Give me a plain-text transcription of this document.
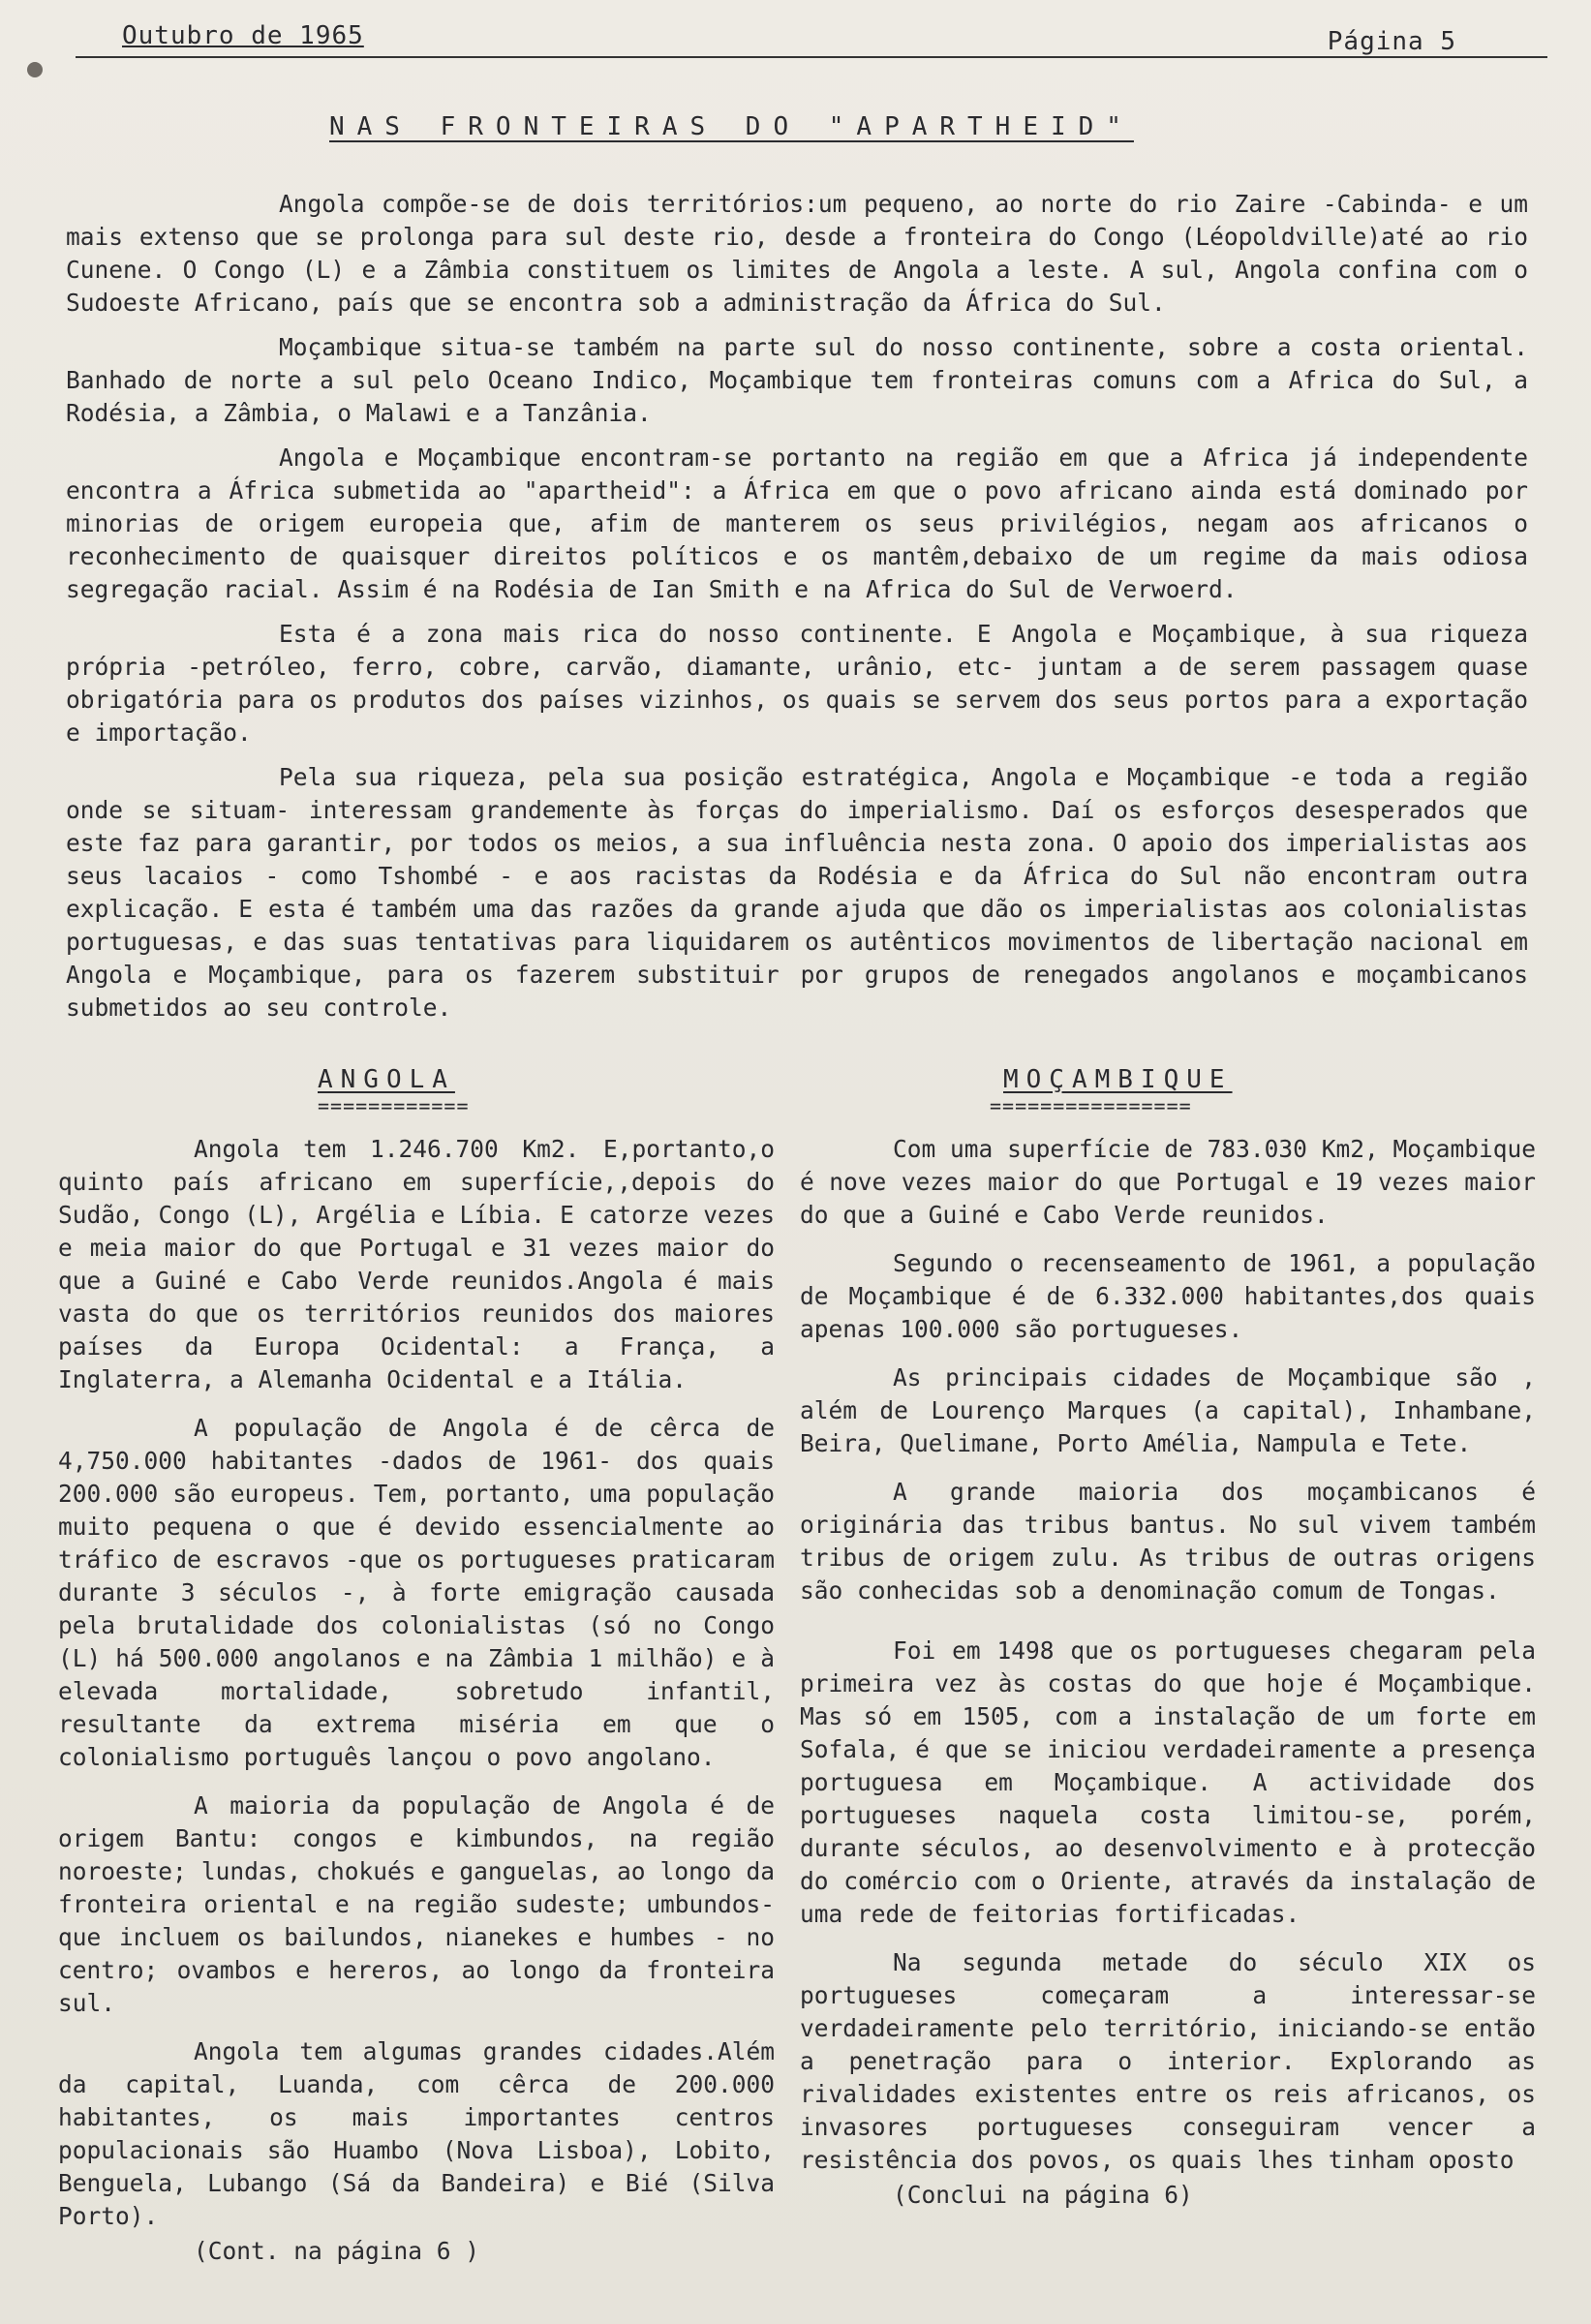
Outubro de 1965	Página 5
NAS FRONTEIRAS DO "APARTHEID"

Angola compõe-se de dois territórios:um pequeno, ao norte do rio Zaire -Cabinda- e um mais extenso que se prolonga para sul deste rio, desde a fronteira do Congo (Léopoldville)até ao rio Cunene. O Congo (L) e a Zâmbia constituem os limites de Angola a leste. A sul, Angola confina com o Sudoeste Africano, país que se encontra sob a administração da África do Sul.

Moçambique situa-se também na parte sul do nosso continente, sobre a costa oriental. Banhado de norte a sul pelo Oceano Indico, Moçambique tem fronteiras comuns com a Africa do Sul, a Rodésia, a Zâmbia, o Malawi e a Tanzânia.

Angola e Moçambique encontram-se portanto na região em que a Africa já independente encontra a África submetida ao "apartheid": a África em que o povo africano ainda está dominado por minorias de origem europeia que, afim de manterem os seus privilégios, negam aos africanos o reconhecimento de quaisquer direitos políticos e os mantêm,debaixo de um regime da mais odiosa segregação racial. Assim é na Rodésia de Ian Smith e na Africa do Sul de Verwoerd.

Esta é a zona mais rica do nosso continente. E Angola e Moçambique, à sua riqueza própria -petróleo, ferro, cobre, carvão, diamante, urânio, etc- juntam a de serem passagem quase obrigatória para os produtos dos países vizinhos, os quais se servem dos seus portos para a exportação e importação.

Pela sua riqueza, pela sua posição estratégica, Angola e Moçambique -e toda a região onde se situam- interessam grandemente às forças do imperialismo. Daí os esforços desesperados que este faz para garantir, por todos os meios, a sua influência nesta zona. O apoio dos imperialistas aos seus lacaios - como Tshombé - e aos racistas da Rodésia e da África do Sul não encontram outra explicação. E esta é também uma das razões da grande ajuda que dão os imperialistas aos colonialistas portuguesas, e das suas tentativas para liquidarem os autênticos movimentos de libertação nacional em Angola e Moçambique, para os fazerem substituir por grupos de renegados angolanos e moçambicanos submetidos ao seu controle.

ANGOLA
============

Angola tem 1.246.700 Km2. E,portanto,o quinto país africano em superfície,,depois do Sudão, Congo (L), Argélia e Líbia. E catorze vezes e meia maior do que Portugal e 31 vezes maior do que a Guiné e Cabo Verde reunidos.Angola é mais vasta do que os territórios reunidos dos maiores países da Europa Ocidental: a França, a Inglaterra, a Alemanha Ocidental e a Itália.

A população de Angola é de cêrca de 4,750.000 habitantes -dados de 1961- dos quais 200.000 são europeus. Tem, portanto, uma população muito pequena o que é devido essencialmente ao tráfico de escravos -que os portugueses praticaram durante 3 séculos -, à forte emigração causada pela brutalidade dos colonialistas (só no Congo (L) há 500.000 angolanos e na Zâmbia 1 milhão) e à elevada mortalidade, sobretudo infantil, resultante da extrema miséria em que o colonialismo português lançou o povo angolano.

A maioria da população de Angola é de origem Bantu: congos e kimbundos, na região noroeste; lundas, chokués e ganguelas, ao longo da fronteira oriental e na região sudeste; umbundos- que incluem os bailundos, nianekes e humbes - no centro; ovambos e hereros, ao longo da fronteira sul.

Angola tem algumas grandes cidades.Além da capital, Luanda, com cêrca de 200.000 habitantes, os mais importantes centros populacionais são Huambo (Nova Lisboa), Lobito, Benguela, Lubango (Sá da Bandeira) e Bié (Silva Porto).

(Cont. na página 6 )

MOÇAMBIQUE
================

Com uma superfície de 783.030 Km2, Moçambique é nove vezes maior do que Portugal e 19 vezes maior do que a Guiné e Cabo Verde reunidos.

Segundo o recenseamento de 1961, a população de Moçambique é de 6.332.000 habitantes,dos quais apenas 100.000 são portugueses.

As principais cidades de Moçambique são , além de Lourenço Marques (a capital), Inhambane, Beira, Quelimane, Porto Amélia, Nampula e Tete.

A grande maioria dos moçambicanos é originária das tribus bantus. No sul vivem também tribus de origem zulu. As tribus de outras origens são conhecidas sob a denominação comum de Tongas.

Foi em 1498 que os portugueses chegaram pela primeira vez às costas do que hoje é Moçambique. Mas só em 1505, com a instalação de um forte em Sofala, é que se iniciou verdadeiramente a presença portuguesa em Moçambique. A actividade dos portugueses naquela costa limitou-se, porém, durante séculos, ao desenvolvimento e à protecção do comércio com o Oriente, através da instalação de uma rede de feitorias fortificadas.

Na segunda metade do século XIX os portugueses começaram a interessar-se verdadeiramente pelo território, iniciando-se então a penetração para o interior. Explorando as rivalidades existentes entre os reis africanos, os invasores portugueses conseguiram vencer a resistência dos povos, os quais lhes tinham oposto

(Conclui na página 6)
